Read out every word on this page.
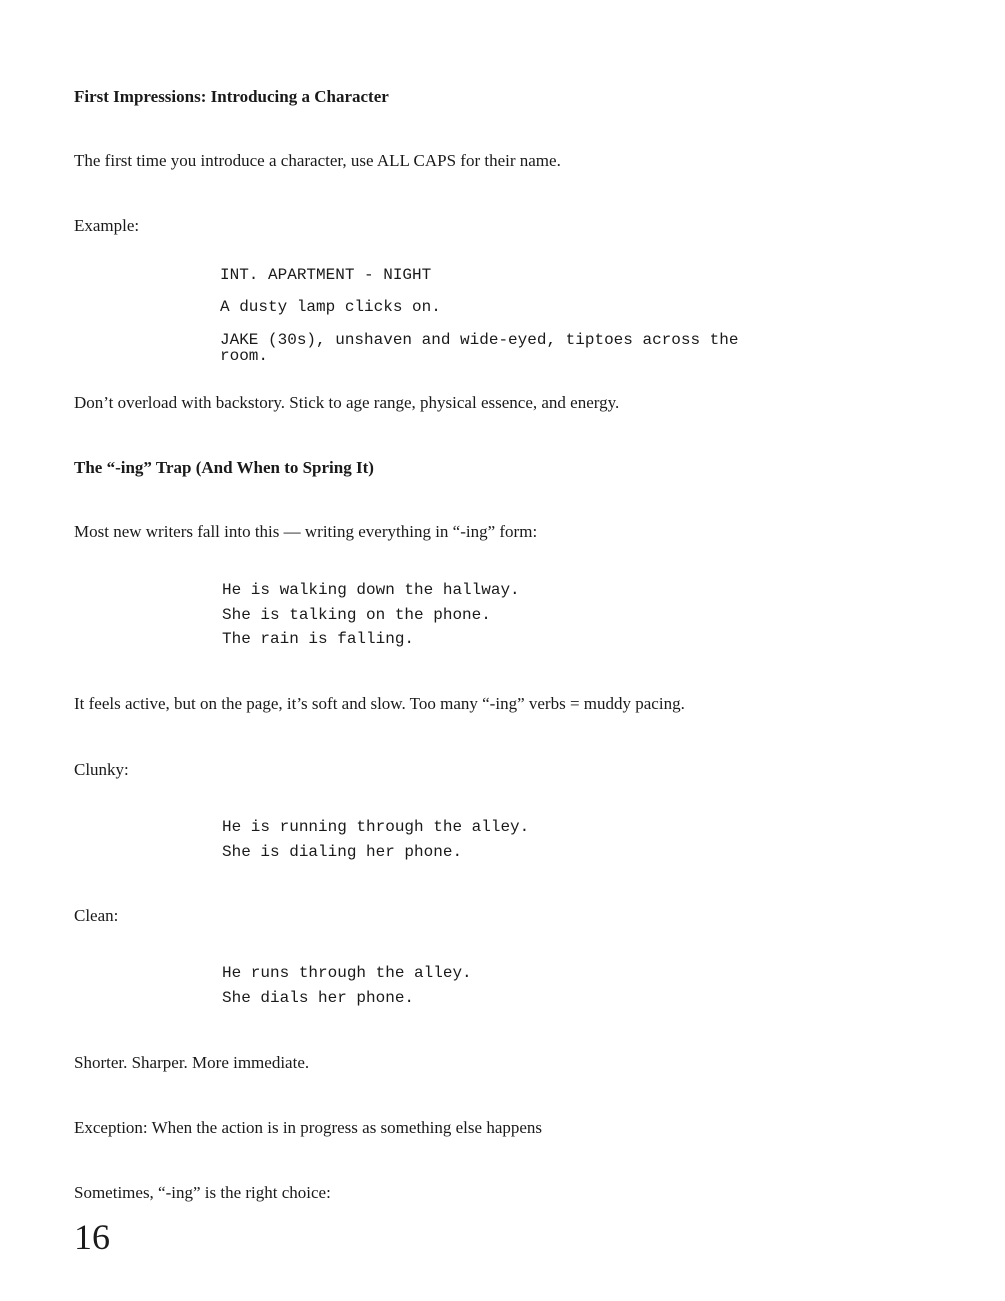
First Impressions: Introducing a Character
The first time you introduce a character, use ALL CAPS for their name.
Example:
INT. APARTMENT - NIGHT
A dusty lamp clicks on.
JAKE (30s), unshaven and wide-eyed, tiptoes across the
room.
Don’t overload with backstory. Stick to age range, physical essence, and energy.
The “-ing” Trap (And When to Spring It)
Most new writers fall into this — writing everything in “-ing” form:
He is walking down the hallway.
She is talking on the phone.
The rain is falling.
It feels active, but on the page, it’s soft and slow. Too many “-ing” verbs = muddy pacing.
Clunky:
He is running through the alley.
She is dialing her phone.
Clean:
He runs through the alley.
She dials her phone.
Shorter. Sharper. More immediate.
Exception: When the action is in progress as something else happens
Sometimes, “-ing” is the right choice:
16
